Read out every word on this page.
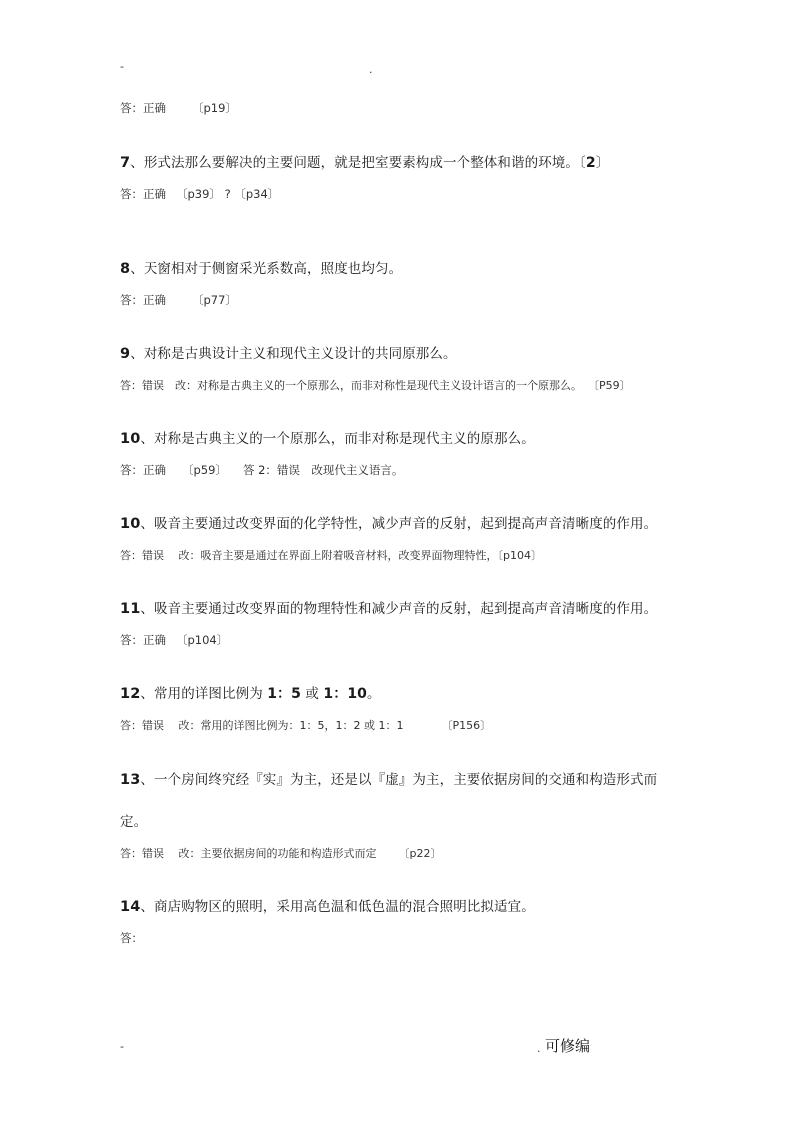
-	.
答：正确 〔p19〕
7、形式法那么要解决的主要问题，就是把室要素构成一个整体和谐的环境。〔2〕
答：正确 〔p39〕 ? 〔p34〕
8、天窗相对于侧窗采光系数高，照度也均匀。
答：正确 〔p77〕
9、对称是古典设计主义和现代主义设计的共同原那么。
答：错误　改：对称是古典主义的一个原那么，而非对称性是现代主义设计语言的一个原那么。 〔P59〕
10、对称是古典主义的一个原那么，而非对称是现代主义的原那么。
答：正确 〔p59〕 答 2：错误　改现代主义语言。
10、吸音主要通过改变界面的化学特性，减少声音的反射，起到提高声音清晰度的作用。
答：错误　 改：吸音主要是通过在界面上附着吸音材料，改变界面物理特性，〔p104〕
11、吸音主要通过改变界面的物理特性和减少声音的反射，起到提高声音清晰度的作用。
答：正确 〔p104〕
12、常用的详图比例为 1：5 或 1：10。
答：错误　 改：常用的详图比例为：1：5，1：2 或 1：1	〔P156〕
13、一个房间终究经『实』为主，还是以『虚』为主，主要依据房间的交通和构造形式而
定。
答：错误　 改：主要依据房间的功能和构造形式而定 〔p22〕
14、商店购物区的照明，采用高色温和低色温的混合照明比拟适宜。
答：
-	. 可修编
